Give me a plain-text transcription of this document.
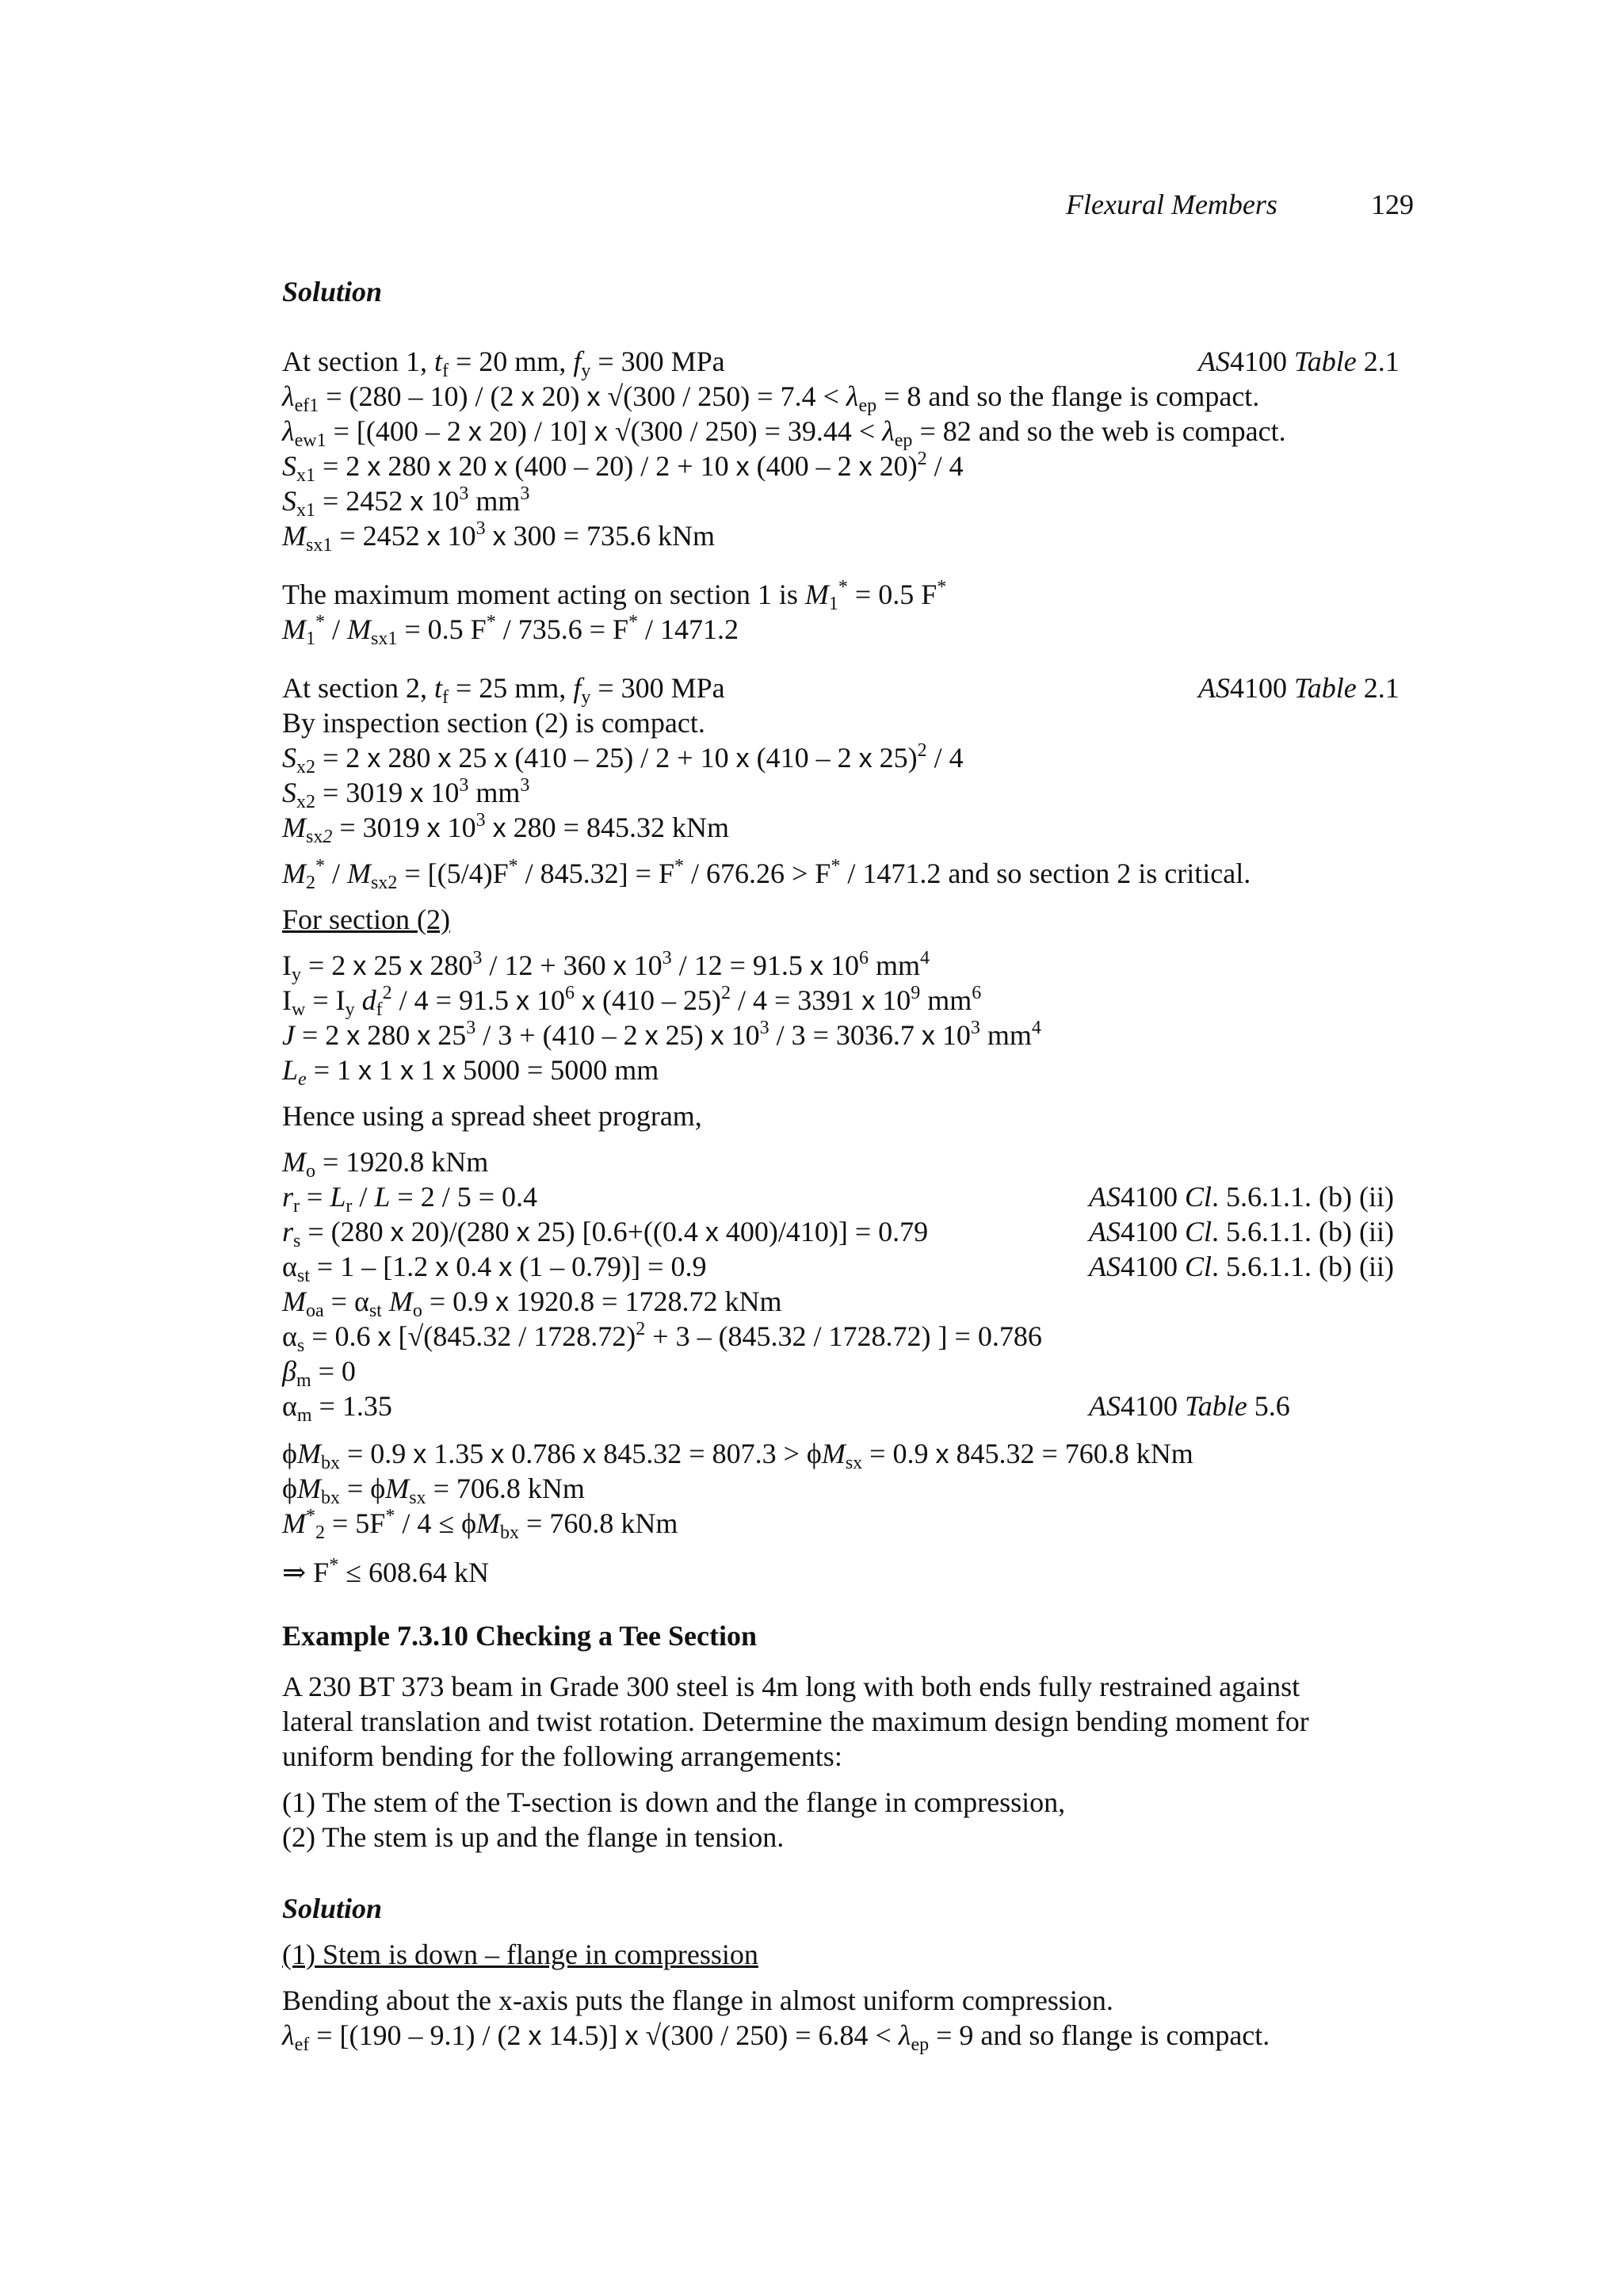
Flexural Members	129
Solution
At section 1, $t_f = 20$ mm, $f_y = 300$ MPa	AS4100 Table 2.1
$\lambda_{ef1} = (280 - 10) / (2$ x 20) x $√(300 / 250) = 7.4 < \lambda_{ep} = 8$ and so the flange is compact.
$\lambda_{ew1} = [(400 - 2$ x 20) / 10] x $√(300 / 250) = 39.44 < \lambda_{ep} = 82$ and so the web is compact.
$S_{x1} = 2$ x 280 x 20 x (400 – 20) / 2 + 10 x (400 – 2 x 20)$^2$ / 4
$S_{x1} = 2452$ x $10^3$ $mm^3$
$M_{sx1} = 2452$ x $10^3$ x 300 = 735.6 kNm
The maximum moment acting on section 1 is $M_1^* = 0.5$ F*
$M_1^* / M_{sx1} = 0.5$ F* / 735.6 = F* / 1471.2
At section 2, $t_f = 25$ mm, $f_y = 300$ MPa	AS4100 Table 2.1
By inspection section (2) is compact.
$S_{x2} = 2$ x 280 x 25 x (410 – 25) / 2 + 10 x (410 – 2 x 25)$^2$ / 4
$S_{x2} = 3019$ x $10^3$ $mm^3$
$M_{sx2} = 3019$ x $10^3$ x 280 = 845.32 kNm
$M_2^* / M_{sx2} = [(5/4)F^* / 845.32] = F^* / 676.26 > F^* / 1471.2$ and so section 2 is critical.
For section (2)
$I_y = 2$ x 25 x $280^3 / 12 + 360$ x $10^3 / 12 = 91.5$ x $10^6$ $mm^4$
$I_w = I_y$ $d_f^2 / 4 = 91.5$ x $10^6$ x (410 – 25)$^2$ / 4 = 3391 x $10^9$ $mm^6$
J = 2 x 280 x $25^3 / 3 + (410 - 2$ x 25) x $10^3 / 3 = 3036.7$ x $10^3$ $mm^4$
$L_e = 1$ x 1 x 1 x 5000 = 5000 mm
Hence using a spread sheet program,
$M_o = 1920.8$ kNm
$r_r = L_r / L = 2 / 5 = 0.4$	AS4100 Cl. 5.6.1.1. (b) (ii)
$r_s = (280$ x 20)/(280 x 25) [0.6+((0.4 x 400)/410)] = 0.79	AS4100 Cl. 5.6.1.1. (b) (ii)
$\alpha_{st} = 1 - [1.2$ x 0.4 x (1 – 0.79)] = 0.9	AS4100 Cl. 5.6.1.1. (b) (ii)
$M_{oa} = \alpha_{st}$ $M_o = 0.9$ x 1920.8 = 1728.72 kNm
$\alpha_s = 0.6$ x [√(845.32 / 1728.72)$^2$ + 3 – (845.32 / 1728.72) ] = 0.786
$\beta_m = 0$
$\alpha_m = 1.35$	AS4100 Table 5.6
$\phi M_{bx} = 0.9$ x 1.35 x 0.786 x $845.32 = 807.3 > \phi M_{sx} = 0.9$ x 845.32 = 760.8 kNm
$\phi M_{bx} = \phi M_{sx} = 706.8$ kNm
$M^*_2 = 5F^* / 4 \le \phi M_{bx} = 760.8$ kNm
⇒ F* ≤ 608.64 kN
Example 7.3.10 Checking a Tee Section
A 230 BT 373 beam in Grade 300 steel is 4m long with both ends fully restrained against
lateral translation and twist rotation. Determine the maximum design bending moment for
uniform bending for the following arrangements:
(1) The stem of the T-section is down and the flange in compression,
(2) The stem is up and the flange in tension.
Solution
(1) Stem is down – flange in compression
Bending about the x-axis puts the flange in almost uniform compression.
$\lambda_{ef} = [(190 - 9.1) / (2$ x 14.5)] x $√(300 / 250) = 6.84 < \lambda_{ep} = 9$ and so flange is compact.
